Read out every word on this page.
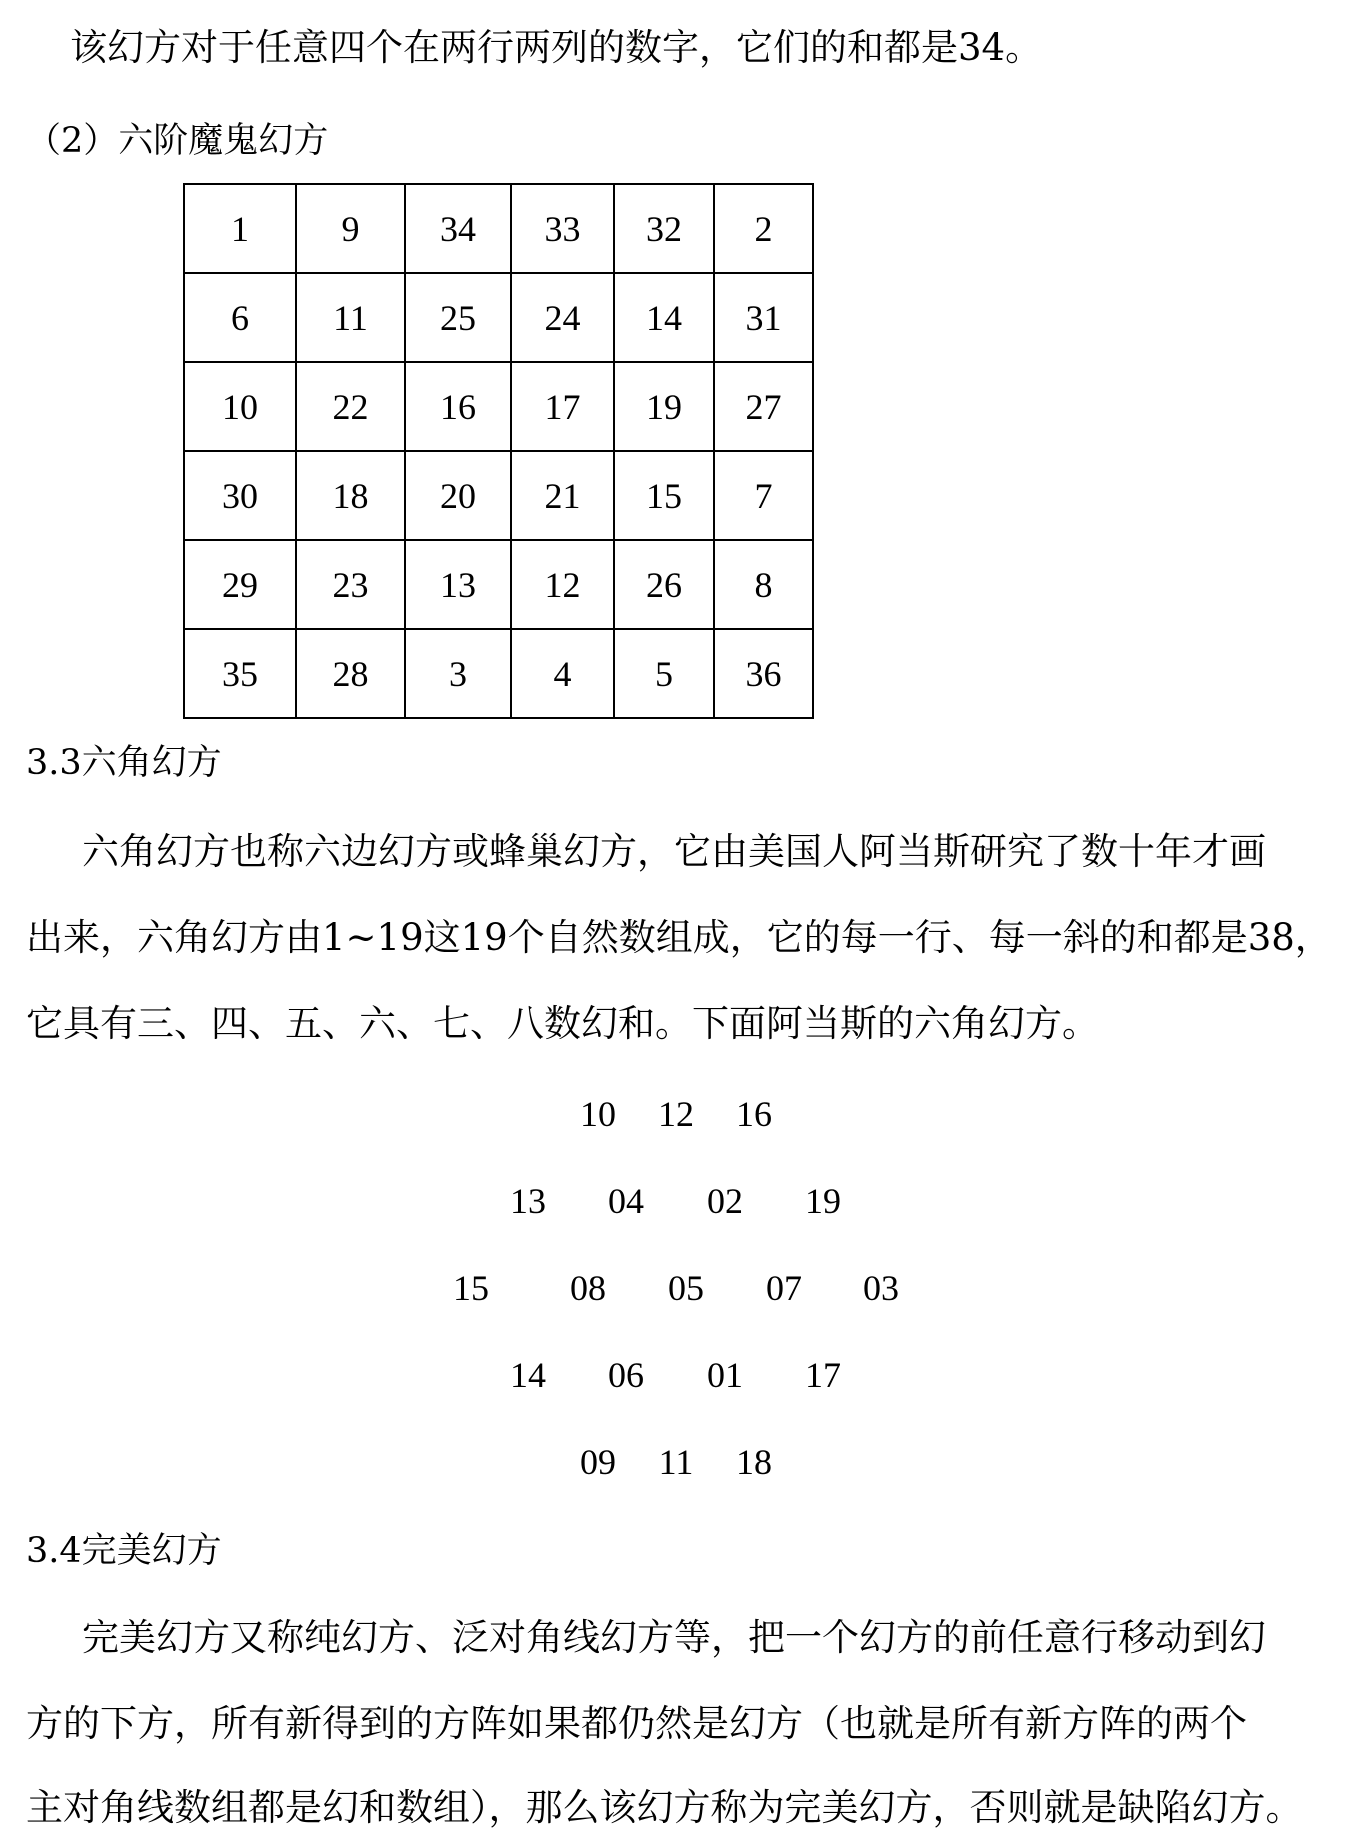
该幻方对于任意四个在两行两列的数字，它们的和都是34。
（2）六阶魔鬼幻方
1	9	34	33	32	2
6	11	25	24	14	31
10	22	16	17	19	27
30	18	20	21	15	7
29	23	13	12	26	8
35	28	3	4	5	36
3.3六角幻方
六角幻方也称六边幻方或蜂巢幻方，它由美国人阿当斯研究了数十年才画
出来，六角幻方由1~19这19个自然数组成，它的每一行、每一斜的和都是38，
它具有三、四、五、六、七、八数幻和。下面阿当斯的六角幻方。
10	12	16
13	04	02	19
15	08	05	07	03
14	06	01	17
09	11	18
3.4完美幻方
完美幻方又称纯幻方、泛对角线幻方等，把一个幻方的前任意行移动到幻
方的下方，所有新得到的方阵如果都仍然是幻方（也就是所有新方阵的两个
主对角线数组都是幻和数组），那么该幻方称为完美幻方，否则就是缺陷幻方。
